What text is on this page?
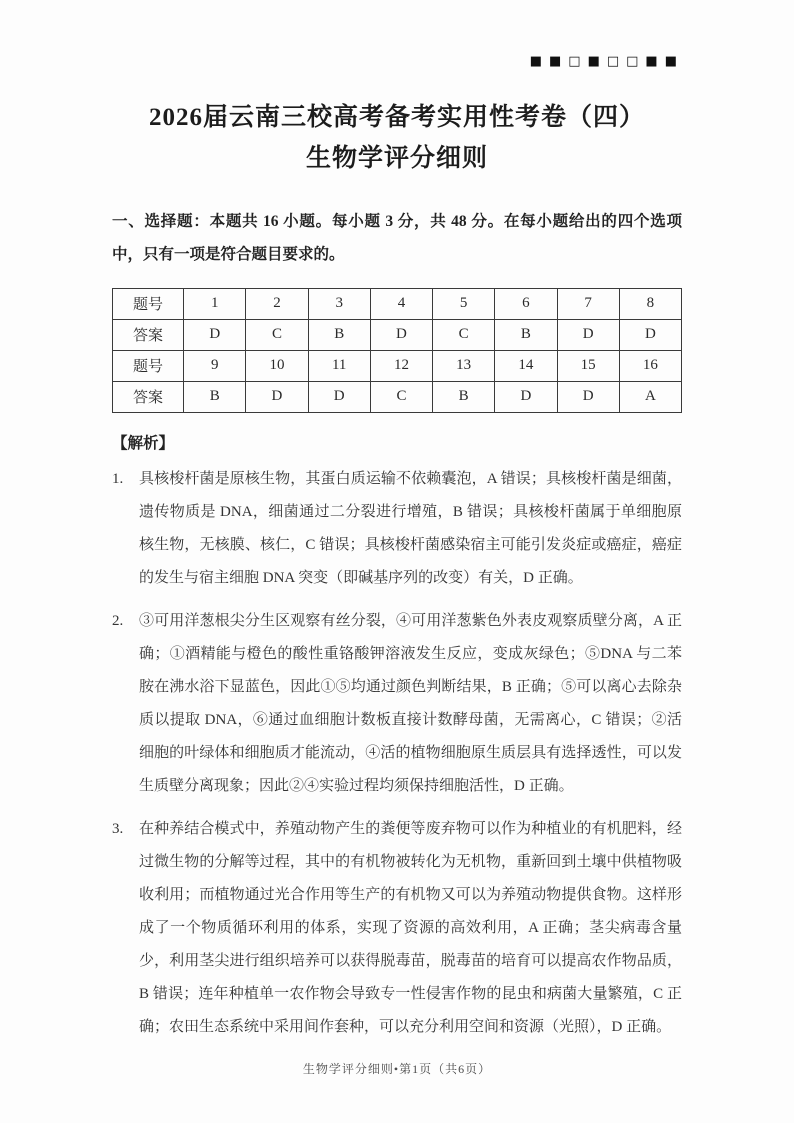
■■□■□□■■
2026届云南三校高考备考实用性考卷（四）
生物学评分细则
一、选择题：本题共 16 小题。每小题 3 分，共 48 分。在每小题给出的四个选项中，只有一项是符合题目要求的。
题号	1	2	3	4	5	6	7	8
答案	D	C	B	D	C	B	D	D
题号	9	10	11	12	13	14	15	16
答案	B	D	D	C	B	D	D	A
【解析】
1.	具核梭杆菌是原核生物，其蛋白质运输不依赖囊泡，A 错误；具核梭杆菌是细菌，遗传物质是 DNA，细菌通过二分裂进行增殖，B 错误；具核梭杆菌属于单细胞原核生物，无核膜、核仁，C 错误；具核梭杆菌感染宿主可能引发炎症或癌症，癌症的发生与宿主细胞 DNA 突变（即碱基序列的改变）有关，D 正确。
2.	③可用洋葱根尖分生区观察有丝分裂，④可用洋葱紫色外表皮观察质壁分离，A 正确；①酒精能与橙色的酸性重铬酸钾溶液发生反应，变成灰绿色；⑤DNA 与二苯胺在沸水浴下显蓝色，因此①⑤均通过颜色判断结果，B 正确；⑤可以离心去除杂质以提取 DNA，⑥通过血细胞计数板直接计数酵母菌，无需离心，C 错误；②活细胞的叶绿体和细胞质才能流动，④活的植物细胞原生质层具有选择透性，可以发生质壁分离现象；因此②④实验过程均须保持细胞活性，D 正确。
3.	在种养结合模式中，养殖动物产生的粪便等废弃物可以作为种植业的有机肥料，经过微生物的分解等过程，其中的有机物被转化为无机物，重新回到土壤中供植物吸收利用；而植物通过光合作用等生产的有机物又可以为养殖动物提供食物。这样形成了一个物质循环利用的体系，实现了资源的高效利用，A 正确；茎尖病毒含量少，利用茎尖进行组织培养可以获得脱毒苗，脱毒苗的培育可以提高农作物品质，B 错误；连年种植单一农作物会导致专一性侵害作物的昆虫和病菌大量繁殖，C 正确；农田生态系统中采用间作套种，可以充分利用空间和资源（光照），D 正确。
生物学评分细则•第1页（共6页）
